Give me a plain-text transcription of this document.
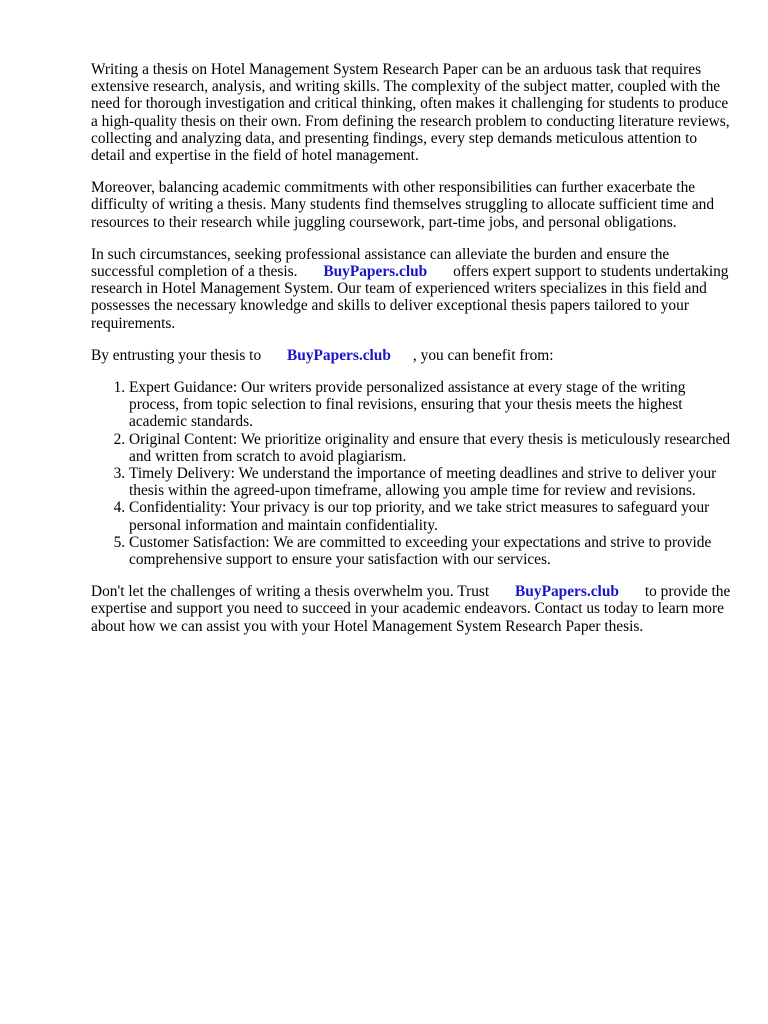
Writing a thesis on Hotel Management System Research Paper can be an arduous task that requires extensive research, analysis, and writing skills. The complexity of the subject matter, coupled with the need for thorough investigation and critical thinking, often makes it challenging for students to produce a high-quality thesis on their own. From defining the research problem to conducting literature reviews, collecting and analyzing data, and presenting findings, every step demands meticulous attention to detail and expertise in the field of hotel management.

Moreover, balancing academic commitments with other responsibilities can further exacerbate the difficulty of writing a thesis. Many students find themselves struggling to allocate sufficient time and resources to their research while juggling coursework, part-time jobs, and personal obligations.

In such circumstances, seeking professional assistance can alleviate the burden and ensure the successful completion of a thesis. BuyPapers.club offers expert support to students undertaking research in Hotel Management System. Our team of experienced writers specializes in this field and possesses the necessary knowledge and skills to deliver exceptional thesis papers tailored to your requirements.

By entrusting your thesis to BuyPapers.club , you can benefit from:

1. Expert Guidance: Our writers provide personalized assistance at every stage of the writing process, from topic selection to final revisions, ensuring that your thesis meets the highest academic standards.
2. Original Content: We prioritize originality and ensure that every thesis is meticulously researched and written from scratch to avoid plagiarism.
3. Timely Delivery: We understand the importance of meeting deadlines and strive to deliver your thesis within the agreed-upon timeframe, allowing you ample time for review and revisions.
4. Confidentiality: Your privacy is our top priority, and we take strict measures to safeguard your personal information and maintain confidentiality.
5. Customer Satisfaction: We are committed to exceeding your expectations and strive to provide comprehensive support to ensure your satisfaction with our services.

Don't let the challenges of writing a thesis overwhelm you. Trust BuyPapers.club to provide the expertise and support you need to succeed in your academic endeavors. Contact us today to learn more about how we can assist you with your Hotel Management System Research Paper thesis.
